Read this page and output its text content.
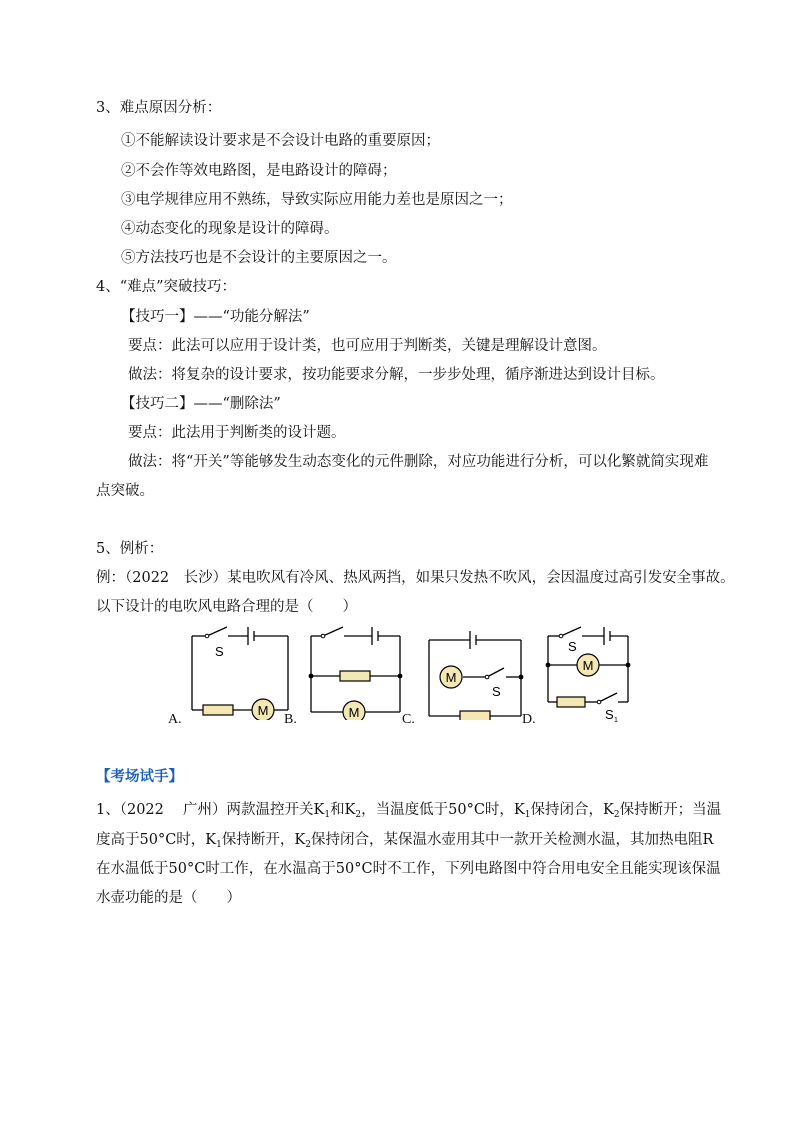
3、难点原因分析：
①不能解读设计要求是不会设计电路的重要原因；
②不会作等效电路图，是电路设计的障碍；
③电学规律应用不熟练，导致实际应用能力差也是原因之一；
④动态变化的现象是设计的障碍。
⑤方法技巧也是不会设计的主要原因之一。
4、“难点”突破技巧：
【技巧一】——“功能分解法”
要点：此法可以应用于设计类，也可应用于判断类，关键是理解设计意图。
做法：将复杂的设计要求，按功能要求分解，一步步处理，循序渐进达到设计目标。
【技巧二】——“删除法”
要点：此法用于判断类的设计题。
做法：将“开关”等能够发生动态变化的元件删除，对应功能进行分析，可以化繁就简实现难
点突破。
5、例析：
例：（2022　长沙）某电吹风有冷风、热风两挡，如果只发热不吹风，会因温度过高引发安全事故。
以下设计的电吹风电路合理的是（　　）
M
S
M
M
S
M
S
S 1
A.	B.	C.	D.
【考场试手】
1、（2022　 广州）两款温控开关$K_1$和$K_2$，当温度低于50°C时，$K_1$保持闭合，$K_2$保持断开；当温
度高于50°C时，$K_1$保持断开，$K_2$保持闭合，某保温水壶用其中一款开关检测水温，其加热电阻R
在水温低于50°C时工作，在水温高于50°C时不工作，下列电路图中符合用电安全且能实现该保温
水壶功能的是（　　）
